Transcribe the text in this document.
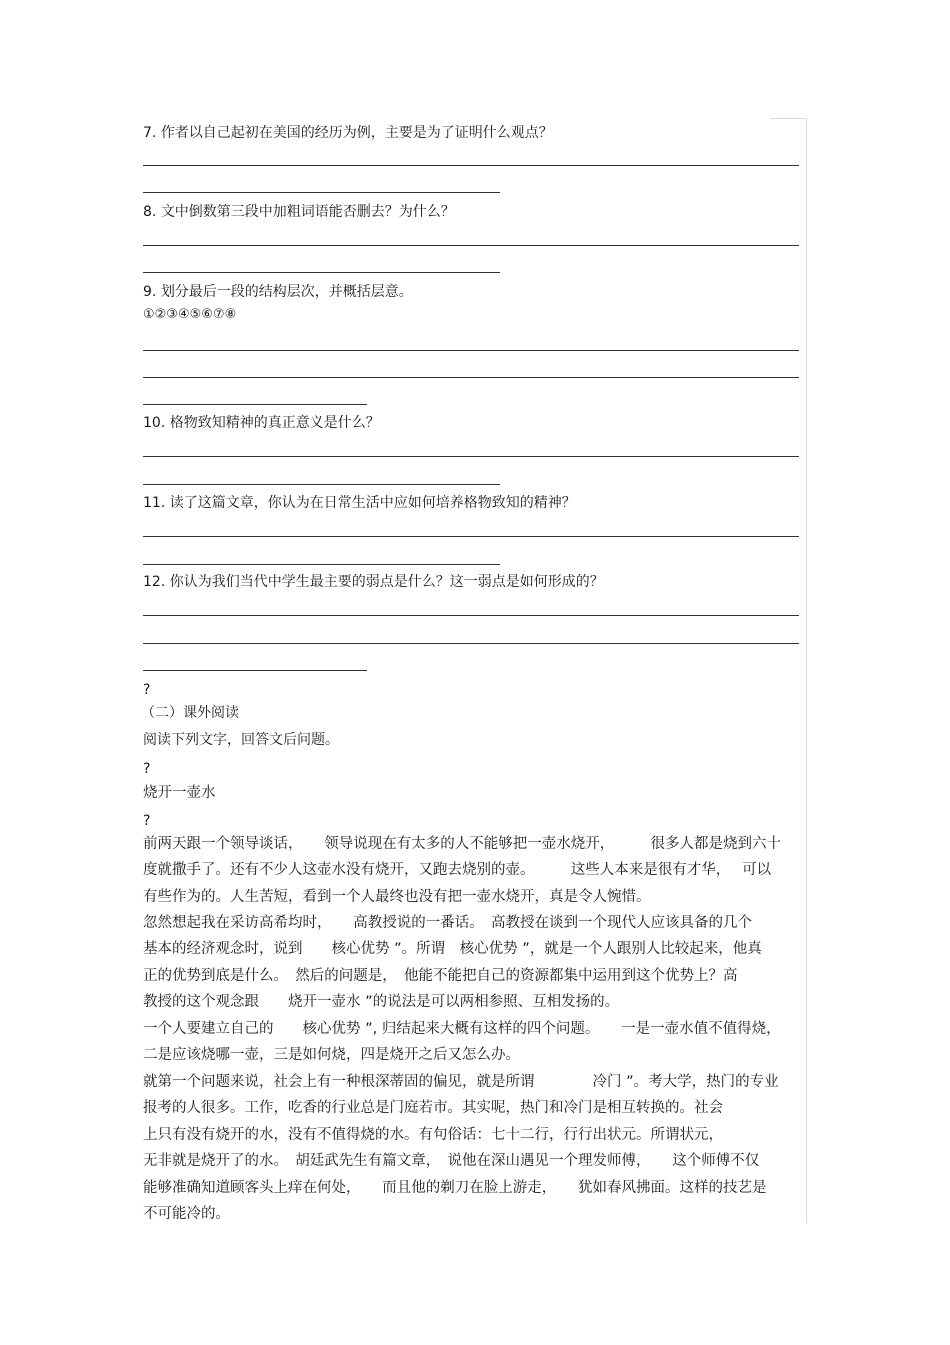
7. 作者以自己起初在美国的经历为例，主要是为了证明什么观点？
8. 文中倒数第三段中加粗词语能否删去？为什么？
9. 划分最后一段的结构层次，并概括层意。
①②③④⑤⑥⑦⑧
10. 格物致知精神的真正意义是什么？
11. 读了这篇文章，你认为在日常生活中应如何培养格物致知的精神？
12. 你认为我们当代中学生最主要的弱点是什么？这一弱点是如何形成的？
?
（二）课外阅读
阅读下列文字，回答文后问题。
?
烧开一壶水
?
前两天跟一个领导谈话，　　领导说现在有太多的人不能够把一壶水烧开，　　　很多人都是烧到六十
度就撒手了。还有不少人这壶水没有烧开，又跑去烧别的壶。　　　这些人本来是很有才华，　 可以
有些作为的。人生苦短，看到一个人最终也没有把一壶水烧开，真是令人惋惜。
忽然想起我在采访高希均时，　　高教授说的一番话。　高教授在谈到一个现代人应该具备的几个
基本的经济观念时，说到　　核心优势 ”。所谓　核心优势 ”，就是一个人跟别人比较起来，他真
正的优势到底是什么。　然后的问题是，　他能不能把自己的资源都集中运用到这个优势上？高
教授的这个观念跟　　烧开一壶水 ”的说法是可以两相参照、互相发扬的。
一个人要建立自己的　　核心优势 ”, 归结起来大概有这样的四个问题。　　一是一壶水值不值得烧，
二是应该烧哪一壶，三是如何烧，四是烧开之后又怎么办。
就第一个问题来说，社会上有一种根深蒂固的偏见，就是所谓　　　　冷门 ”。考大学，热门的专业
报考的人很多。工作，吃香的行业总是门庭若市。其实呢，热门和冷门是相互转换的。社会
上只有没有烧开的水，没有不值得烧的水。有句俗话：七十二行，行行出状元。所谓状元，
无非就是烧开了的水。　胡廷武先生有篇文章，　说他在深山遇见一个理发师傅，　　这个师傅不仅
能够准确知道顾客头上痒在何处，　　而且他的剃刀在脸上游走，　　犹如春风拂面。这样的技艺是
不可能冷的。
